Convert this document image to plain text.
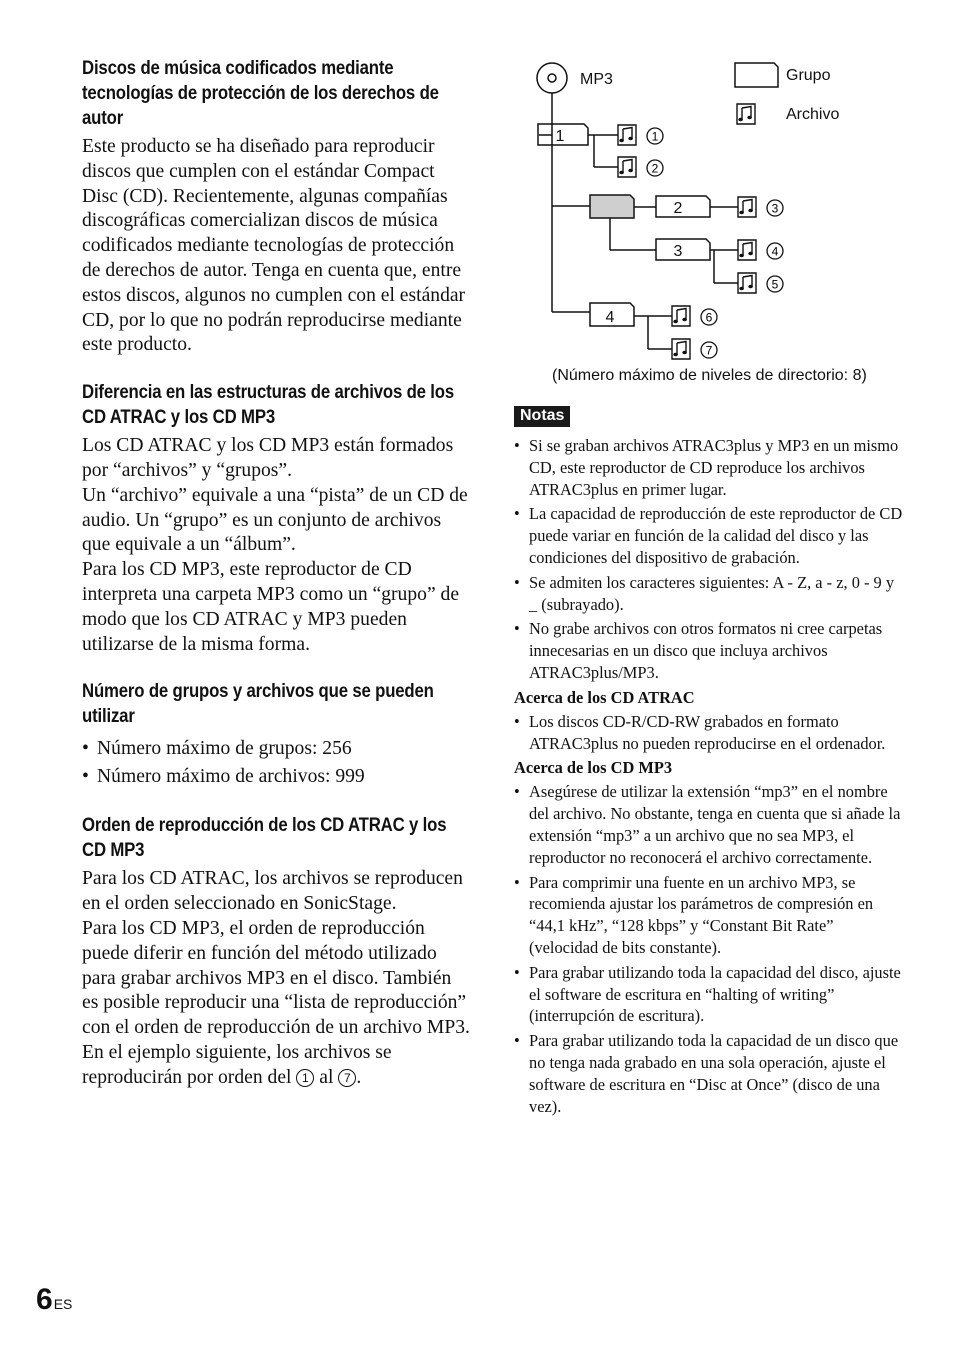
Discos de música codificados mediante tecnologías de protección de los derechos de autor

Este producto se ha diseñado para reproducir discos que cumplen con el estándar Compact Disc (CD). Recientemente, algunas compañías discográficas comercializan discos de música codificados mediante tecnologías de protección de derechos de autor. Tenga en cuenta que, entre estos discos, algunos no cumplen con el estándar CD, por lo que no podrán reproducirse mediante este producto.

Diferencia en las estructuras de archivos de los CD ATRAC y los CD MP3

Los CD ATRAC y los CD MP3 están formados por “archivos” y “grupos”.

Un “archivo” equivale a una “pista” de un CD de audio. Un “grupo” es un conjunto de archivos que equivale a un “álbum”.

Para los CD MP3, este reproductor de CD interpreta una carpeta MP3 como un “grupo” de modo que los CD ATRAC y MP3 pueden utilizarse de la misma forma.

Número de grupos y archivos que se pueden utilizar
• Número máximo de grupos: 256
• Número máximo de archivos: 999
Orden de reproducción de los CD ATRAC y los CD MP3

Para los CD ATRAC, los archivos se reproducen en el orden seleccionado en SonicStage.

Para los CD MP3, el orden de reproducción puede diferir en función del método utilizado para grabar archivos MP3 en el disco. También es posible reproducir una “lista de reproducción” con el orden de reproducción de un archivo MP3. En el ejemplo siguiente, los archivos se reproducirán por orden del 1 al 7 .

1
2
3
4
1
2
3
4
5
6
7
MP3	Grupo
Archivo
(Número máximo de niveles de directorio: 8)
Notas
• Si se graban archivos ATRAC3plus y MP3 en un mismo CD, este reproductor de CD reproduce los archivos ATRAC3plus en primer lugar.
• La capacidad de reproducción de este reproductor de CD puede variar en función de la calidad del disco y las condiciones del dispositivo de grabación.
• Se admiten los caracteres siguientes: A - Z, a - z, 0 - 9 y _ (subrayado).
• No grabe archivos con otros formatos ni cree carpetas innecesarias en un disco que incluya archivos ATRAC3plus/MP3.
Acerca de los CD ATRAC
• Los discos CD-R/CD-RW grabados en formato ATRAC3plus no pueden reproducirse en el ordenador.
Acerca de los CD MP3
• Asegúrese de utilizar la extensión “mp3” en el nombre del archivo. No obstante, tenga en cuenta que si añade la extensión “mp3” a un archivo que no sea MP3, el reproductor no reconocerá el archivo correctamente.
• Para comprimir una fuente en un archivo MP3, se recomienda ajustar los parámetros de compresión en “44,1 kHz”, “128 kbps” y “Constant Bit Rate” (velocidad de bits constante).
• Para grabar utilizando toda la capacidad del disco, ajuste el software de escritura en “halting of writing” (interrupción de escritura).
• Para grabar utilizando toda la capacidad de un disco que no tenga nada grabado en una sola operación, ajuste el software de escritura en “Disc at Once” (disco de una vez).
6ES
